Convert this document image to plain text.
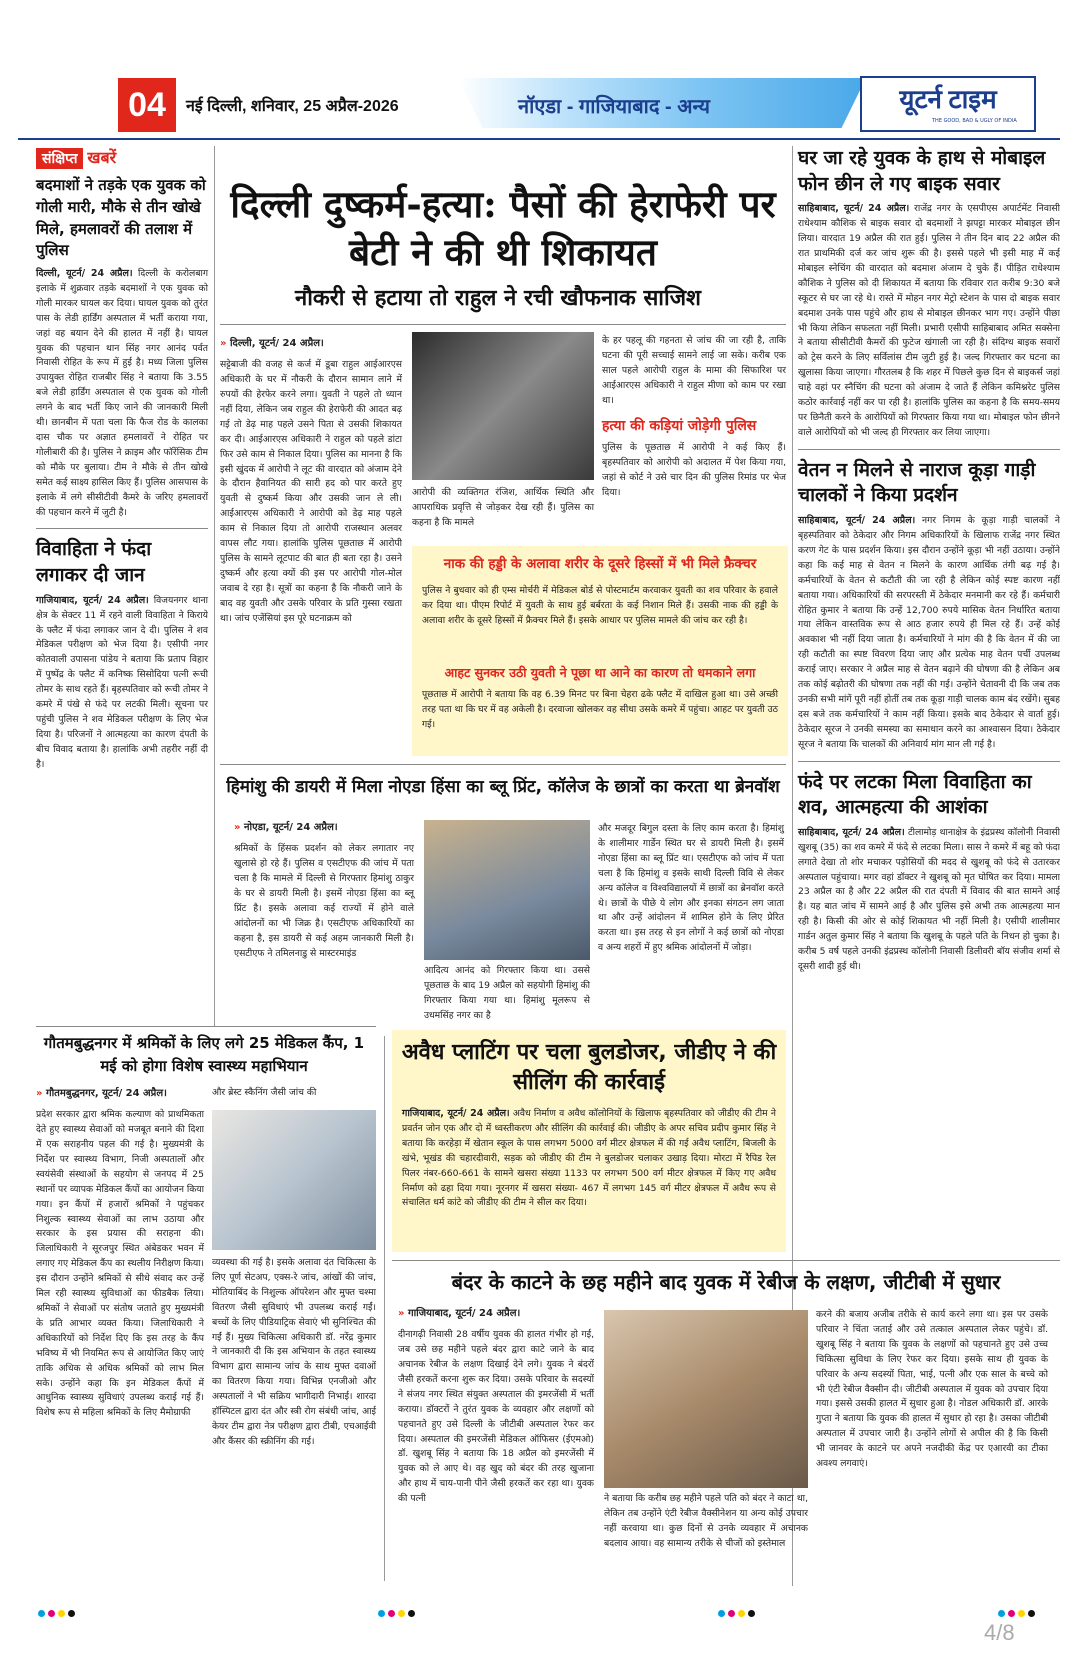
04	नई दिल्ली, शनिवार, 25 अप्रैल-2026	नॉएडा - गाजियाबाद - अन्य	यूटर्न टाइम
THE GOOD, BAD & UGLY OF INDIA
संक्षिप्त खबरें
बदमाशों ने तड़के एक युवक को गोली मारी, मौके से तीन खोखे मिले, हमलावरों की तलाश में पुलिस
दिल्ली, यूटर्न/ 24 अप्रैल। दिल्ली के करोलबाग इलाके में शुक्रवार तड़के बदमाशों ने एक युवक को गोली मारकर घायल कर दिया। घायल युवक को तुरंत पास के लेडी हार्डिंग अस्पताल में भर्ती कराया गया, जहां वह बयान देने की हालत में नहीं है। घायल युवक की पहचान थान सिंह नगर आनंद पर्वत निवासी रोहित के रूप में हुई है। मध्य जिला पुलिस उपायुक्त रोहित राजबीर सिंह ने बताया कि 3.55 बजे लेडी हार्डिंग अस्पताल से एक युवक को गोली लगने के बाद भर्ती किए जाने की जानकारी मिली थी। छानबीन में पता चला कि फैज रोड के कालका दास चौक पर अज्ञात हमलावरों ने रोहित पर गोलीबारी की है। पुलिस ने क्राइम और फॉरेंसिक टीम को मौके पर बुलाया। टीम ने मौके से तीन खोखे समेत कई साक्ष्य हासिल किए हैं। पुलिस आसपास के इलाके में लगे सीसीटीवी कैमरे के जरिए हमलावरों की पहचान करने में जुटी है।
विवाहिता ने फंदा लगाकर दी जान
गाजियाबाद, यूटर्न/ 24 अप्रैल। विजयनगर थाना क्षेत्र के सेक्टर 11 में रहने वाली विवाहिता ने किराये के फ्लैट में फंदा लगाकर जान दे दी। पुलिस ने शव मेडिकल परीक्षण को भेज दिया है। एसीपी नगर कोतवाली उपासना पांडेय ने बताया कि प्रताप विहार में पुष्पेंद्र के फ्लैट में कनिष्क सिसोदिया पत्नी रूची तोमर के साथ रहते हैं। बृहस्पतिवार को रूची तोमर ने कमरे में पंखे से फंदे पर लटकी मिली। सूचना पर पहुंची पुलिस ने शव मेडिकल परीक्षण के लिए भेज दिया है। परिजनों ने आत्महत्या का कारण दंपती के बीच विवाद बताया है। हालांकि अभी तहरीर नहीं दी है।
दिल्ली दुष्कर्म-हत्या: पैसों की हेराफेरी पर बेटी ने की थी शिकायत
नौकरी से हटाया तो राहुल ने रची खौफनाक साजिश
» दिल्ली, यूटर्न/ 24 अप्रैल।
सट्टेबाजी की वजह से कर्ज में डूबा राहुल आईआरएस अधिकारी के घर में नौकरी के दौरान सामान लाने में रुपयों की हेरफेर करने लगा। युवती ने पहले तो ध्यान नहीं दिया, लेकिन जब राहुल की हेराफेरी की आदत बढ़ गई तो डेढ़ माह पहले उसने पिता से उसकी शिकायत कर दी। आईआरएस अधिकारी ने राहुल को पहले डांटा फिर उसे काम से निकाल दिया। पुलिस का मानना है कि इसी खुंदक में आरोपी ने लूट की वारदात को अंजाम देने के दौरान हैवानियत की सारी हद को पार करते हुए युवती से दुष्कर्म किया और उसकी जान ले ली। आईआरएस अधिकारी ने आरोपी को डेढ़ माह पहले काम से निकाल दिया तो आरोपी राजस्थान अलवर वापस लौट गया। हालांकि पुलिस पूछताछ में आरोपी पुलिस के सामने लूटपाट की बात ही बता रहा है। उसने दुष्कर्म और हत्या क्यों की इस पर आरोपी गोल-मोल जवाब दे रहा है। सूत्रों का कहना है कि नौकरी जाने के बाद वह युवती और उसके परिवार के प्रति गुस्सा रखता था। जांच एजेंसियां इस पूरे घटनाक्रम को
आरोपी की व्यक्तिगत रंजिश, आर्थिक स्थिति और आपराधिक प्रवृत्ति से जोड़कर देख रही हैं। पुलिस का कहना है कि मामले
के हर पहलू की गहनता से जांच की जा रही है, ताकि घटना की पूरी सच्चाई सामने लाई जा सके। करीब एक साल पहले आरोपी राहुल के मामा की सिफारिश पर आईआरएस अधिकारी ने राहुल मीणा को काम पर रखा था।
हत्या की कड़ियां जोड़ेगी पुलिस
पुलिस के पूछताछ में आरोपी ने कई किए हैं। बृहस्पतिवार को आरोपी को अदालत में पेश किया गया, जहां से कोर्ट ने उसे चार दिन की पुलिस रिमांड पर भेज दिया।
नाक की हड्डी के अलावा शरीर के दूसरे हिस्सों में भी मिले फ्रैक्चर
पुलिस ने बुधवार को ही एम्स मोर्चरी में मेडिकल बोर्ड से पोस्टमार्टम करवाकर युवती का शव परिवार के हवाले कर दिया था। पीएम रिपोर्ट में युवती के साथ हुई बर्बरता के कई निशान मिले हैं। उसकी नाक की हड्डी के अलावा शरीर के दूसरे हिस्सों में फ्रैक्चर मिले हैं। इसके आधार पर पुलिस मामले की जांच कर रही है।
आहट सुनकर उठी युवती ने पूछा था आने का कारण तो धमकाने लगा
पूछताछ में आरोपी ने बताया कि वह 6.39 मिनट पर बिना चेहरा ढके फ्लैट में दाखिल हुआ था। उसे अच्छी तरह पता था कि घर में वह अकेली है। दरवाजा खोलकर वह सीधा उसके कमरे में पहुंचा। आहट पर युवती उठ गई।
हिमांशु की डायरी में मिला नोएडा हिंसा का ब्लू प्रिंट, कॉलेज के छात्रों का करता था ब्रेनवॉश
» नोएडा, यूटर्न/ 24 अप्रैल।
श्रमिकों के हिंसक प्रदर्शन को लेकर लगातार नए खुलासे हो रहे हैं। पुलिस व एसटीएफ की जांच में पता चला है कि मामले में दिल्ली से गिरफ्तार हिमांशु ठाकुर के घर से डायरी मिली है। इसमें नोएडा हिंसा का ब्लू प्रिंट है। इसके अलावा कई राज्यों में होने वाले आंदोलनों का भी जिक्र है। एसटीएफ अधिकारियों का कहना है, इस डायरी से कई अहम जानकारी मिली है। एसटीएफ ने तमिलनाडु से मास्टरमाइंड
आदित्य आनंद को गिरफ्तार किया था। उससे पूछताछ के बाद 19 अप्रैल को सहयोगी हिमांशु की गिरफ्तार किया गया था। हिमांशु मूलरूप से उधमसिंह नगर का है
और मजदूर बिगुल दस्ता के लिए काम करता है। हिमांशु के शालीमार गार्डेन स्थित घर से डायरी मिली है। इसमें नोएडा हिंसा का ब्लू प्रिंट था। एसटीएफ को जांच में पता चला है कि हिमांशु व इसके साथी दिल्ली विवि से लेकर अन्य कॉलेज व विश्वविद्यालयों में छात्रों का ब्रेनवॉश करते थे। छात्रों के पीछे ये लोग और इनका संगठन लग जाता था और उन्हें आंदोलन में शामिल होने के लिए प्रेरित करता था। इस तरह से इन लोगों ने कई छात्रों को नोएडा व अन्य शहरों में हुए श्रमिक आंदोलनों में जोड़ा।
गौतमबुद्धनगर में श्रमिकों के लिए लगे 25 मेडिकल कैंप, 1 मई को होगा विशेष स्वास्थ्य महाभियान
» गौतमबुद्धनगर, यूटर्न/ 24 अप्रैल।
प्रदेश सरकार द्वारा श्रमिक कल्याण को प्राथमिकता देते हुए स्वास्थ्य सेवाओं को मजबूत बनाने की दिशा में एक सराहनीय पहल की गई है। मुख्यमंत्री के निर्देश पर स्वास्थ्य विभाग, निजी अस्पतालों और स्वयंसेवी संस्थाओं के सहयोग से जनपद में 25 स्थानों पर व्यापक मेडिकल कैंपों का आयोजन किया गया। इन कैंपों में हजारों श्रमिकों ने पहुंचकर निशुल्क स्वास्थ्य सेवाओं का लाभ उठाया और सरकार के इस प्रयास की सराहना की। जिलाधिकारी ने सूरजपुर स्थित अंबेडकर भवन में लगाए गए मेडिकल कैंप का स्थलीय निरीक्षण किया। इस दौरान उन्होंने श्रमिकों से सीधे संवाद कर उन्हें मिल रही स्वास्थ्य सुविधाओं का फीडबैक लिया। श्रमिकों ने सेवाओं पर संतोष जताते हुए मुख्यमंत्री के प्रति आभार व्यक्त किया। जिलाधिकारी ने अधिकारियों को निर्देश दिए कि इस तरह के कैंप भविष्य में भी नियमित रूप से आयोजित किए जाएं ताकि अधिक से अधिक श्रमिकों को लाभ मिल सके। उन्होंने कहा कि इन मेडिकल कैंपों में आधुनिक स्वास्थ्य सुविधाएं उपलब्ध कराई गई हैं। विशेष रूप से महिला श्रमिकों के लिए मैमोग्राफी
और ब्रेस्ट स्कैनिंग जैसी जांच की
व्यवस्था की गई है। इसके अलावा दंत चिकित्सा के लिए पूर्ण सेटअप, एक्स-रे जांच, आंखों की जांच, मोतियाबिंद के निशुल्क ऑपरेशन और मुफ्त चश्मा वितरण जैसी सुविधाएं भी उपलब्ध कराई गईं। बच्चों के लिए पीडियाट्रिक सेवाएं भी सुनिश्चित की गईं हैं। मुख्य चिकित्सा अधिकारी डॉ. नरेंद्र कुमार ने जानकारी दी कि इस अभियान के तहत स्वास्थ्य विभाग द्वारा सामान्य जांच के साथ मुफ्त दवाओं का वितरण किया गया। विभिन्न एनजीओ और अस्पतालों ने भी सक्रिय भागीदारी निभाई। शारदा हॉस्पिटल द्वारा दंत और स्त्री रोग संबंधी जांच, आई केयर टीम द्वारा नेत्र परीक्षण द्वारा टीबी, एचआईवी और कैंसर की स्क्रीनिंग की गई।
अवैध प्लाटिंग पर चला बुलडोजर, जीडीए ने की सीलिंग की कार्रवाई
गाजियाबाद, यूटर्न/ 24 अप्रैल। अवैध निर्माण व अवैध कॉलोनियों के खिलाफ बृहस्पतिवार को जीडीए की टीम ने प्रवर्तन जोन एक और दो में ध्वस्तीकरण और सीलिंग की कार्रवाई की। जीडीए के अपर सचिव प्रदीप कुमार सिंह ने बताया कि करहेड़ा में खेतान स्कूल के पास लगभग 5000 वर्ग मीटर क्षेत्रफल में की गई अवैध प्लाटिंग, बिजली के खंभे, भूखंड की चहारदीवारी, सड़क को जीडीए की टीम ने बुलडोजर चलाकर उखाड़ दिया। मोरटा में रैपिड रेल पिलर नंबर-660-661 के सामने खसरा संख्या 1133 पर लगभग 500 वर्ग मीटर क्षेत्रफल में किए गए अवैध निर्माण को ढहा दिया गया। नूरनगर में खसरा संख्या- 467 में लगभग 145 वर्ग मीटर क्षेत्रफल में अवैध रूप से संचालित धर्म कांटे को जीडीए की टीम ने सील कर दिया।
बंदर के काटने के छह महीने बाद युवक में रेबीज के लक्षण, जीटीबी में सुधार
» गाजियाबाद, यूटर्न/ 24 अप्रैल।
दीनागढ़ी निवासी 28 वर्षीय युवक की हालत गंभीर हो गई, जब उसे छह महीने पहले बंदर द्वारा काटे जाने के बाद अचानक रेबीज के लक्षण दिखाई देने लगे। युवक ने बंदरों जैसी हरकतें करना शुरू कर दिया। उसके परिवार के सदस्यों ने संजय नगर स्थित संयुक्त अस्पताल की इमरजेंसी में भर्ती कराया। डॉक्टरों ने तुरंत युवक के व्यवहार और लक्षणों को पहचानते हुए उसे दिल्ली के जीटीबी अस्पताल रेफर कर दिया। अस्पताल की इमरजेंसी मेडिकल ऑफिसर (ईएमओ) डॉ. खुशबू सिंह ने बताया कि 18 अप्रैल को इमरजेंसी में युवक को ले आए थे। वह खुद को बंदर की तरह खुजाना और हाथ में चाय-पानी पीने जैसी हरकतें कर रहा था। युवक की पत्नी	ने बताया कि करीब छह महीने पहले पति को बंदर ने काटा था, लेकिन तब उन्होंने एंटी रेबीज वैक्सीनेशन या अन्य कोई उपचार नहीं करवाया था। कुछ दिनों से उनके व्यवहार में अचानक बदलाव आया। वह सामान्य तरीके से चीजों को इस्तेमाल
करने की बजाय अजीब तरीके से कार्य करने लगा था। इस पर उसके परिवार ने चिंता जताई और उसे तत्काल अस्पताल लेकर पहुंचे। डॉ. खुशबू सिंह ने बताया कि युवक के लक्षणों को पहचानते हुए उसे उच्च चिकित्सा सुविधा के लिए रेफर कर दिया। इसके साथ ही युवक के परिवार के अन्य सदस्यों पिता, भाई, पत्नी और एक साल के बच्चे को भी एंटी रेबीज वैक्सीन दी। जीटीबी अस्पताल में युवक को उपचार दिया गया। इससे उसकी हालत में सुधार हुआ है। नोडल अधिकारी डॉ. आरके गुप्ता ने बताया कि युवक की हालत में सुधार हो रहा है। उसका जीटीबी अस्पताल में उपचार जारी है। उन्होंने लोगों से अपील की है कि किसी भी जानवर के काटने पर अपने नजदीकी केंद्र पर एआरवी का टीका अवश्य लगवाएं।
घर जा रहे युवक के हाथ से मोबाइल फोन छीन ले गए बाइक सवार
साहिबाबाद, यूटर्न/ 24 अप्रैल। राजेंद्र नगर के एसपीएस अपार्टमेंट निवासी राधेश्याम कौशिक से बाइक सवार दो बदमाशों ने झपट्टा मारकर मोबाइल छीन लिया। वारदात 19 अप्रैल की रात हुई। पुलिस ने तीन दिन बाद 22 अप्रैल की रात प्राथमिकी दर्ज कर जांच शुरू की है। इससे पहले भी इसी माह में कई मोबाइल स्नेचिंग की वारदात को बदमाश अंजाम दे चुके हैं। पीड़ित राधेश्याम कौशिक ने पुलिस को दी शिकायत में बताया कि रविवार रात करीब 9:30 बजे स्कूटर से घर जा रहे थे। रास्ते में मोहन नगर मेट्रो स्टेशन के पास दो बाइक सवार बदमाश उनके पास पहुंचे और हाथ से मोबाइल छीनकर भाग गए। उन्होंने पीछा भी किया लेकिन सफलता नहीं मिली। प्रभारी एसीपी साहिबाबाद अमित सक्सेना ने बताया सीसीटीवी कैमरों की फुटेज खंगाली जा रही है। संदिग्ध बाइक सवारों को ट्रेस करने के लिए सर्विलांस टीम जुटी हुई है। जल्द गिरफ्तार कर घटना का खुलासा किया जाएगा। गौरतलब है कि शहर में पिछले कुछ दिन से बाइकर्स जहां चाहे वहां पर स्नैचिंग की घटना को अंजाम दे जाते हैं लेकिन कमिश्नरेट पुलिस कठोर कार्रवाई नहीं कर पा रही है। हालांकि पुलिस का कहना है कि समय-समय पर छिनैती करने के आरोपियों को गिरफ्तार किया गया था। मोबाइल फोन छीनने वाले आरोपियों को भी जल्द ही गिरफ्तार कर लिया जाएगा।
वेतन न मिलने से नाराज कूड़ा गाड़ी चालकों ने किया प्रदर्शन
साहिबाबाद, यूटर्न/ 24 अप्रैल। नगर निगम के कूड़ा गाड़ी चालकों ने बृहस्पतिवार को ठेकेदार और निगम अधिकारियों के खिलाफ राजेंद्र नगर स्थित करण गेट के पास प्रदर्शन किया। इस दौरान उन्होंने कूड़ा भी नहीं उठाया। उन्होंने कहा कि कई माह से वेतन न मिलने के कारण आर्थिक तंगी बढ़ गई है। कर्मचारियों के वेतन से कटौती की जा रही है लेकिन कोई स्पष्ट कारण नहीं बताया गया। अधिकारियों की सरपरस्ती में ठेकेदार मनमानी कर रहे हैं। कर्मचारी रोहित कुमार ने बताया कि उन्हें 12,700 रुपये मासिक वेतन निर्धारित बताया गया लेकिन वास्तविक रूप से आठ हजार रुपये ही मिल रहे हैं। उन्हें कोई अवकाश भी नहीं दिया जाता है। कर्मचारियों ने मांग की है कि वेतन में की जा रही कटौती का स्पष्ट विवरण दिया जाए और प्रत्येक माह वेतन पर्ची उपलब्ध कराई जाए। सरकार ने अप्रैल माह से वेतन बढ़ाने की घोषणा की है लेकिन अब तक कोई बढ़ोतरी की घोषणा तक नहीं की गई। उन्होंने चेतावनी दी कि जब तक उनकी सभी मांगें पूरी नहीं होतीं तब तक कूड़ा गाड़ी चालक काम बंद रखेंगे। सुबह दस बजे तक कर्मचारियों ने काम नहीं किया। इसके बाद ठेकेदार से वार्ता हुई। ठेकेदार सूरज ने उनकी समस्या का समाधान करने का आश्वासन दिया। ठेकेदार सूरज ने बताया कि चालकों की अनिवार्य मांग मान ली गई है।
फंदे पर लटका मिला विवाहिता का शव, आत्महत्या की आशंका
साहिबाबाद, यूटर्न/ 24 अप्रैल। टीलामोड़ थानाक्षेत्र के इंद्रप्रस्थ कॉलोनी निवासी खुशबू (35) का शव कमरे में फंदे से लटका मिला। सास ने कमरे में बहू को फंदा लगाते देखा तो शोर मचाकर पड़ोसियों की मदद से खुशबू को फंदे से उतारकर अस्पताल पहुंचाया। मगर वहां डॉक्टर ने खुशबू को मृत घोषित कर दिया। मामला 23 अप्रैल का है और 22 अप्रैल की रात दंपती में विवाद की बात सामने आई है। यह बात जांच में सामने आई है और पुलिस इसे अभी तक आत्महत्या मान रही है। किसी की ओर से कोई शिकायत भी नहीं मिली है। एसीपी शालीमार गार्डन अतुल कुमार सिंह ने बताया कि खुशबू के पहले पति के निधन हो चुका है। करीब 5 वर्ष पहले उनकी इंद्रप्रस्थ कॉलोनी निवासी डिलीवरी बॉय संजीव शर्मा से दूसरी शादी हुई थी।
4/8
